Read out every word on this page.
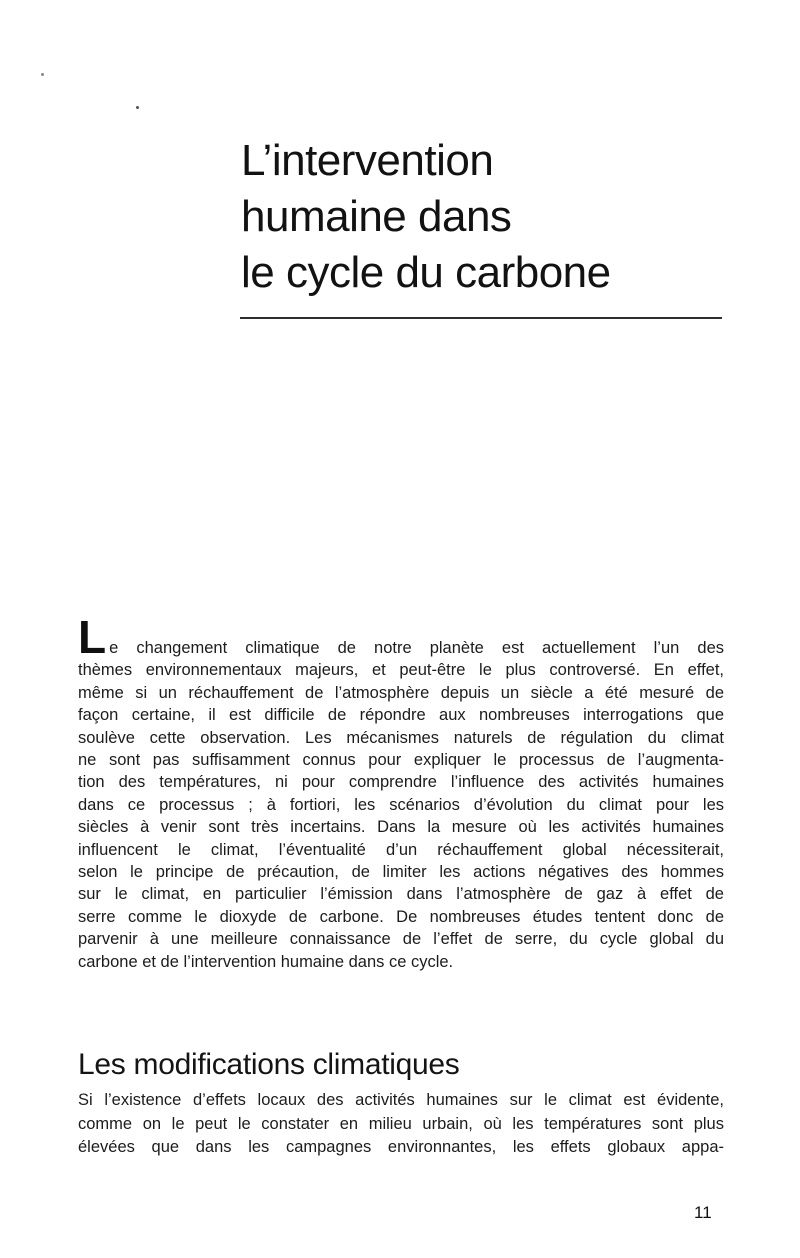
L’intervention
humaine dans
le cycle du carbone
Le changement climatique de notre planète est actuellement l’un des
thèmes environnementaux majeurs, et peut-être le plus controversé. En effet,
même si un réchauffement de l’atmosphère depuis un siècle a été mesuré de
façon certaine, il est difficile de répondre aux nombreuses interrogations que
soulève cette observation. Les mécanismes naturels de régulation du climat
ne sont pas suffisamment connus pour expliquer le processus de l’augmenta-
tion des températures, ni pour comprendre l’influence des activités humaines
dans ce processus ; à fortiori, les scénarios d’évolution du climat pour les
siècles à venir sont très incertains. Dans la mesure où les activités humaines
influencent le climat, l’éventualité d’un réchauffement global nécessiterait,
selon le principe de précaution, de limiter les actions négatives des hommes
sur le climat, en particulier l’émission dans l’atmosphère de gaz à effet de
serre comme le dioxyde de carbone. De nombreuses études tentent donc de
parvenir à une meilleure connaissance de l’effet de serre, du cycle global du
carbone et de l’intervention humaine dans ce cycle.
Les modifications climatiques
Si l’existence d’effets locaux des activités humaines sur le climat est évidente,
comme on le peut le constater en milieu urbain, où les températures sont plus
élevées que dans les campagnes environnantes, les effets globaux appa-
11
